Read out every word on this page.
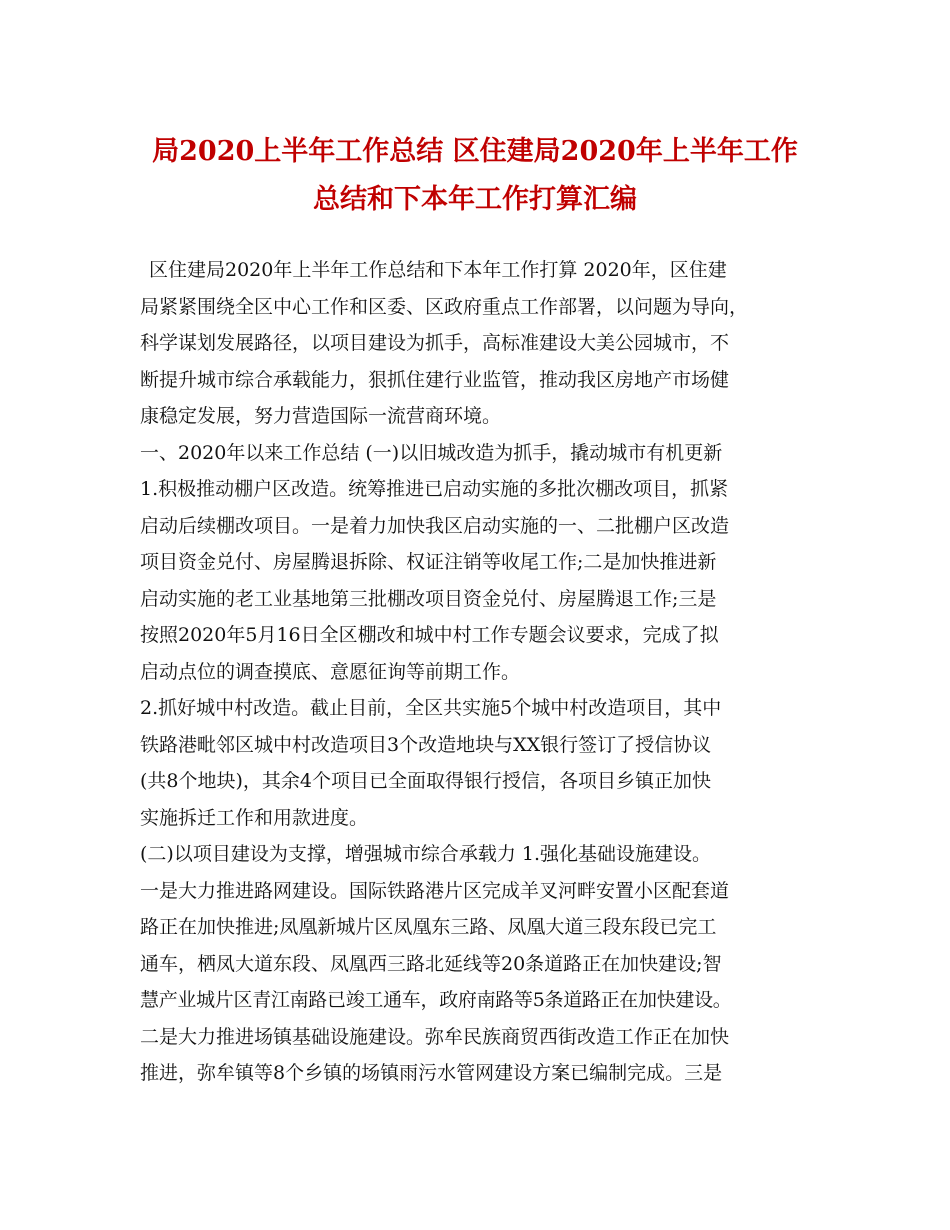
局2020上半年工作总结 区住建局2020年上半年工作
总结和下本年工作打算汇编
区住建局2020年上半年工作总结和下本年工作打算 2020年，区住建
局紧紧围绕全区中心工作和区委、区政府重点工作部署，以问题为导向，
科学谋划发展路径，以项目建设为抓手，高标准建设大美公园城市，不
断提升城市综合承载能力，狠抓住建行业监管，推动我区房地产市场健
康稳定发展，努力营造国际一流营商环境。
一、2020年以来工作总结 (一)以旧城改造为抓手，撬动城市有机更新
1.积极推动棚户区改造。统筹推进已启动实施的多批次棚改项目，抓紧
启动后续棚改项目。一是着力加快我区启动实施的一、二批棚户区改造
项目资金兑付、房屋腾退拆除、权证注销等收尾工作;二是加快推进新
启动实施的老工业基地第三批棚改项目资金兑付、房屋腾退工作;三是
按照2020年5月16日全区棚改和城中村工作专题会议要求，完成了拟
启动点位的调查摸底、意愿征询等前期工作。
2.抓好城中村改造。截止目前，全区共实施5个城中村改造项目，其中
铁路港毗邻区城中村改造项目3个改造地块与XX银行签订了授信协议
(共8个地块)，其余4个项目已全面取得银行授信，各项目乡镇正加快
实施拆迁工作和用款进度。
(二)以项目建设为支撑，增强城市综合承载力 1.强化基础设施建设。
一是大力推进路网建设。国际铁路港片区完成羊叉河畔安置小区配套道
路正在加快推进;凤凰新城片区凤凰东三路、凤凰大道三段东段已完工
通车，栖凤大道东段、凤凰西三路北延线等20条道路正在加快建设;智
慧产业城片区青江南路已竣工通车，政府南路等5条道路正在加快建设。
二是大力推进场镇基础设施建设。弥牟民族商贸西街改造工作正在加快
推进，弥牟镇等8个乡镇的场镇雨污水管网建设方案已编制完成。三是
